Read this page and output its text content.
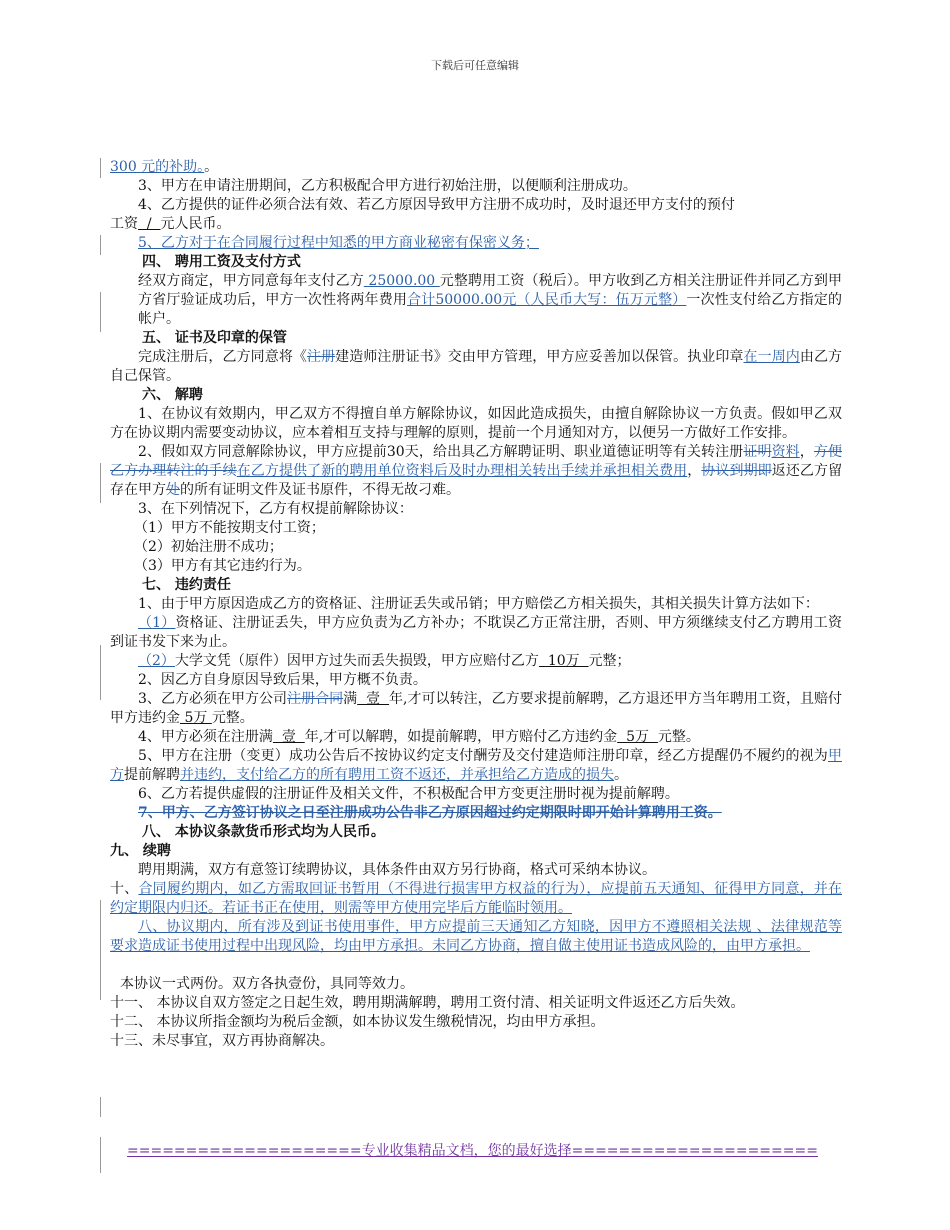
下载后可任意编辑
300 元的补助。。
3、甲方在申请注册期间，乙方积极配合甲方进行初始注册，以便顺利注册成功。
4、乙方提供的证件必须合法有效、若乙方原因导致甲方注册不成功时，及时退还甲方支付的预付
工资  /  元人民币。
5、乙方对于在合同履行过程中知悉的甲方商业秘密有保密义务；
四、 聘用工资及支付方式
经双方商定，甲方同意每年支付乙方 25000.00 元整聘用工资（税后）。甲方收到乙方相关注册证件并同乙方到甲方省厅验证成功后，甲方一次性将两年费用合计50000.00元（人民币大写：伍万元整）一次性支付给乙方指定的帐户。
五、 证书及印章的保管
完成注册后，乙方同意将《注册建造师注册证书》交由甲方管理，甲方应妥善加以保管。执业印章在一周内由乙方自己保管。
六、 解聘
1、在协议有效期内，甲乙双方不得擅自单方解除协议，如因此造成损失，由擅自解除协议一方负责。假如甲乙双方在协议期内需要变动协议，应本着相互支持与理解的原则，提前一个月通知对方，以便另一方做好工作安排。
2、假如双方同意解除协议，甲方应提前30天，给出具乙方解聘证明、职业道德证明等有关转注册证明资料，方便乙方办理转注的手续在乙方提供了新的聘用单位资料后及时办理相关转出手续并承担相关费用，协议到期即返还乙方留存在甲方处的所有证明文件及证书原件，不得无故刁难。
3、在下列情况下，乙方有权提前解除协议：
（1）甲方不能按期支付工资；
（2）初始注册不成功；
（3）甲方有其它违约行为。
七、 违约责任
1、由于甲方原因造成乙方的资格证、注册证丢失或吊销；甲方赔偿乙方相关损失，其相关损失计算方法如下：
（1）资格证、注册证丢失，甲方应负责为乙方补办；不耽误乙方正常注册，否则、甲方须继续支付乙方聘用工资到证书发下来为止。
（2）大学文凭（原件）因甲方过失而丢失损毁，甲方应赔付乙方  10万  元整；
2、因乙方自身原因导致后果，甲方概不负责。
3、乙方必须在甲方公司注册合同满  壹  年,才可以转注，乙方要求提前解聘，乙方退还甲方当年聘用工资，且赔付甲方违约金 5万 元整。
4、甲方必须在注册满  壹  年,才可以解聘，如提前解聘，甲方赔付乙方违约金  5万  元整。
5、甲方在注册（变更）成功公告后不按协议约定支付酬劳及交付建造师注册印章，经乙方提醒仍不履约的视为甲方提前解聘并违约，支付给乙方的所有聘用工资不返还，并承担给乙方造成的损失。
6、乙方若提供虚假的注册证件及相关文件，不积极配合甲方变更注册时视为提前解聘。
7、甲方、乙方签订协议之日至注册成功公告非乙方原因超过约定期限时即开始计算聘用工资。
八、 本协议条款货币形式均为人民币。
九、 续聘
聘用期满，双方有意签订续聘协议，具体条件由双方另行协商，格式可采纳本协议。
十、合同履约期内，如乙方需取回证书暂用（不得进行损害甲方权益的行为），应提前五天通知、征得甲方同意，并在约定期限内归还。若证书正在使用，则需等甲方使用完毕后方能临时领用。
八、协议期内，所有涉及到证书使用事件，甲方应提前三天通知乙方知晓，因甲方不遵照相关法规 、法律规范等要求造成证书使用过程中出现风险，均由甲方承担。未同乙方协商，擅自做主使用证书造成风险的，由甲方承担。
本协议一式两份。双方各执壹份，具同等效力。
十一、 本协议自双方签定之日起生效，聘用期满解聘，聘用工资付清、相关证明文件返还乙方后失效。
十二、 本协议所指金额均为税后金额，如本协议发生缴税情况，均由甲方承担。
十三、未尽事宜，双方再协商解决。
====================专业收集精品文档，您的最好选择=====================
